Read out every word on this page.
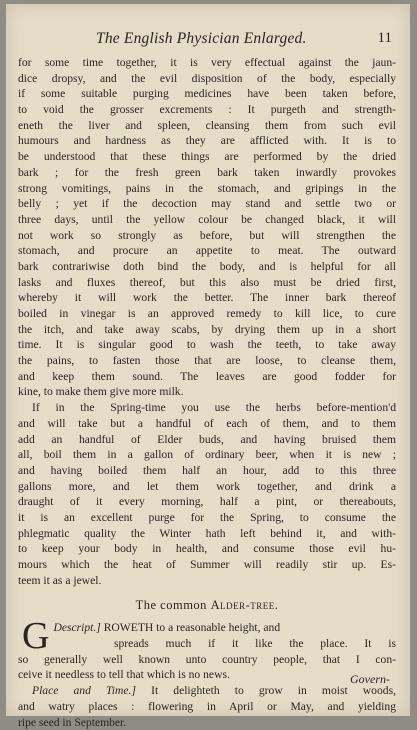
The English Physician Enlarged.	11
for some time together, it is very effectual against the jaun-
dice dropsy, and the evil disposition of the body, especially
if some suitable purging medicines have been taken before,
to void the grosser excrements : It purgeth and strength-
eneth the liver and spleen, cleansing them from such evil
humours and hardness as they are afflicted with. It is to
be understood that these things are performed by the dried
bark ; for the fresh green bark taken inwardly provokes
strong vomitings, pains in the stomach, and gripings in the
belly ; yet if the decoction may stand and settle two or
three days, until the yellow colour be changed black, it will
not work so strongly as before, but will strengthen the
stomach, and procure an appetite to meat. The outward
bark contrariwise doth bind the body, and is helpful for all
lasks and fluxes thereof, but this also must be dried first,
whereby it will work the better. The inner bark thereof
boiled in vinegar is an approved remedy to kill lice, to cure
the itch, and take away scabs, by drying them up in a short
time. It is singular good to wash the teeth, to take away
the pains, to fasten those that are loose, to cleanse them,
and keep them sound. The leaves are good fodder for
kine, to make them give more milk.
If in the Spring-time you use the herbs before-mention'd
and will take but a handful of each of them, and to them
add an handful of Elder buds, and having bruised them
all, boil them in a gallon of ordinary beer, when it is new ;
and having boiled them half an hour, add to this three
gallons more, and let them work together, and drink a
draught of it every morning, half a pint, or thereabouts,
it is an excellent purge for the Spring, to consume the
phlegmatic quality the Winter hath left behind it, and with-
to keep your body in health, and consume those evil hu-
mours which the heat of Summer will readily stir up. Es-
teem it as a jewel.
The common Alder-tree.
Descript.]
G	ROWETH to a reasonable height, and
spreads much if it like the place. It is
so generally well known unto country people, that I con-
ceive it needless to tell that which is no news.
Place and Time.] It delighteth to grow in moist woods,
and watry places : flowering in April or May, and yielding
ripe seed in September.
Govern-
